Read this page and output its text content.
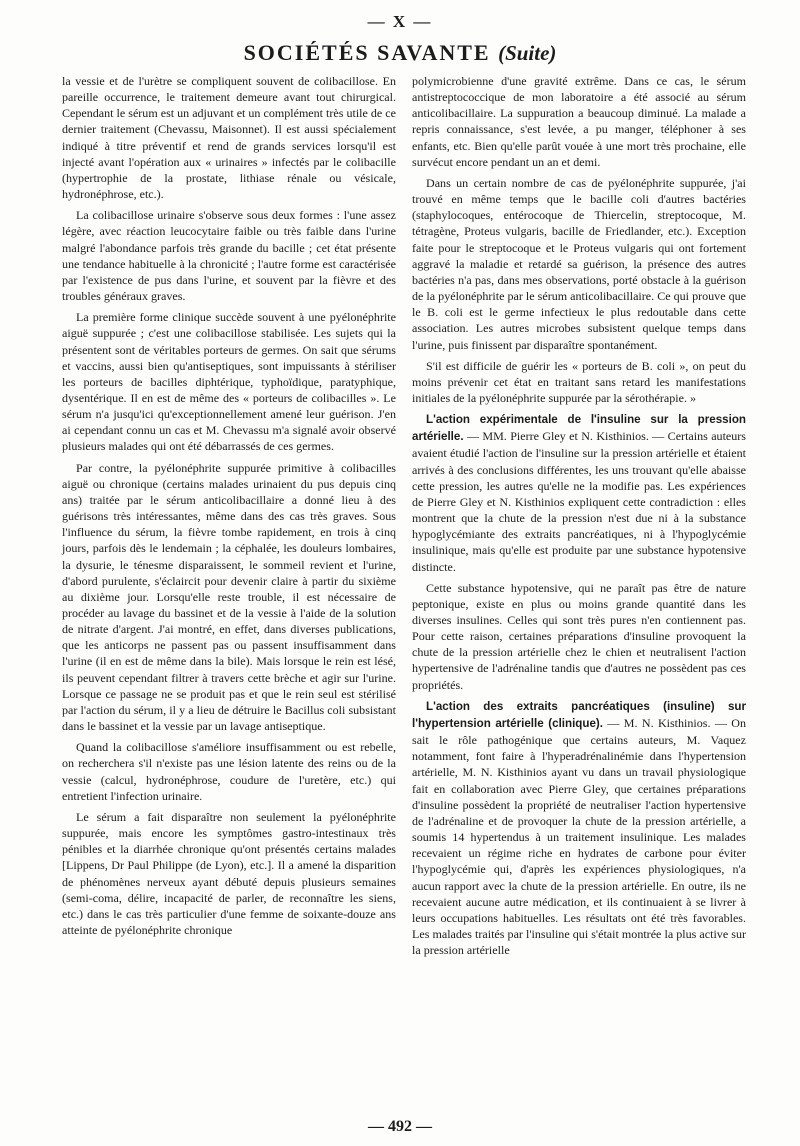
— X —
SOCIÉTÉS SAVANTE (Suite)

la vessie et de l'urètre se compliquent souvent de colibacillose. En pareille occurrence, le traitement demeure avant tout chirurgical. Cependant le sérum est un adjuvant et un complément très utile de ce dernier traitement (Chevassu, Maisonnet). Il est aussi spécialement indiqué à titre préventif et rend de grands services lorsqu'il est injecté avant l'opération aux « urinaires » infectés par le colibacille (hypertrophie de la prostate, lithiase rénale ou vésicale, hydronéphrose, etc.).

La colibacillose urinaire s'observe sous deux formes : l'une assez légère, avec réaction leucocytaire faible ou très faible dans l'urine malgré l'abondance parfois très grande du bacille ; cet état présente une tendance habituelle à la chronicité ; l'autre forme est caractérisée par l'existence de pus dans l'urine, et souvent par la fièvre et des troubles généraux graves.

La première forme clinique succède souvent à une pyélonéphrite aiguë suppurée ; c'est une colibacillose stabilisée. Les sujets qui la présentent sont de véritables porteurs de germes. On sait que sérums et vaccins, aussi bien qu'antiseptiques, sont impuissants à stériliser les porteurs de bacilles diphtérique, typhoïdique, paratyphique, dysentérique. Il en est de même des « porteurs de colibacilles ». Le sérum n'a jusqu'ici qu'exceptionnellement amené leur guérison. J'en ai cependant connu un cas et M. Chevassu m'a signalé avoir observé plusieurs malades qui ont été débarrassés de ces germes.

Par contre, la pyélonéphrite suppurée primitive à colibacilles aiguë ou chronique (certains malades urinaient du pus depuis cinq ans) traitée par le sérum anticolibacillaire a donné lieu à des guérisons très intéressantes, même dans des cas très graves. Sous l'influence du sérum, la fièvre tombe rapidement, en trois à cinq jours, parfois dès le lendemain ; la céphalée, les douleurs lombaires, la dysurie, le ténesme disparaissent, le sommeil revient et l'urine, d'abord purulente, s'éclaircit pour devenir claire à partir du sixième au dixième jour. Lorsqu'elle reste trouble, il est nécessaire de procéder au lavage du bassinet et de la vessie à l'aide de la solution de nitrate d'argent. J'ai montré, en effet, dans diverses publications, que les anticorps ne passent pas ou passent insuffisamment dans l'urine (il en est de même dans la bile). Mais lorsque le rein est lésé, ils peuvent cependant filtrer à travers cette brèche et agir sur l'urine. Lorsque ce passage ne se produit pas et que le rein seul est stérilisé par l'action du sérum, il y a lieu de détruire le Bacillus coli subsistant dans le bassinet et la vessie par un lavage antiseptique.

Quand la colibacillose s'améliore insuffisamment ou est rebelle, on recherchera s'il n'existe pas une lésion latente des reins ou de la vessie (calcul, hydronéphrose, coudure de l'uretère, etc.) qui entretient l'infection urinaire.

Le sérum a fait disparaître non seulement la pyélonéphrite suppurée, mais encore les symptômes gastro-intestinaux très pénibles et la diarrhée chronique qu'ont présentés certains malades [Lippens, Dr Paul Philippe (de Lyon), etc.]. Il a amené la disparition de phénomènes nerveux ayant débuté depuis plusieurs semaines (semi-coma, délire, incapacité de parler, de reconnaître les siens, etc.) dans le cas très particulier d'une femme de soixante-douze ans atteinte de pyélonéphrite chronique

polymicrobienne d'une gravité extrême. Dans ce cas, le sérum antistreptococcique de mon laboratoire a été associé au sérum anticolibacillaire. La suppuration a beaucoup diminué. La malade a repris connaissance, s'est levée, a pu manger, téléphoner à ses enfants, etc. Bien qu'elle parût vouée à une mort très prochaine, elle survécut encore pendant un an et demi.

Dans un certain nombre de cas de pyélonéphrite suppurée, j'ai trouvé en même temps que le bacille coli d'autres bactéries (staphylocoques, entérocoque de Thiercelin, streptocoque, M. tétragène, Proteus vulgaris, bacille de Friedlander, etc.). Exception faite pour le streptocoque et le Proteus vulgaris qui ont fortement aggravé la maladie et retardé sa guérison, la présence des autres bactéries n'a pas, dans mes observations, porté obstacle à la guérison de la pyélonéphrite par le sérum anticolibacillaire. Ce qui prouve que le B. coli est le germe infectieux le plus redoutable dans cette association. Les autres microbes subsistent quelque temps dans l'urine, puis finissent par disparaître spontanément.

S'il est difficile de guérir les « porteurs de B. coli », on peut du moins prévenir cet état en traitant sans retard les manifestations initiales de la pyélonéphrite suppurée par la sérothérapie. »

L'action expérimentale de l'insuline sur la pression artérielle. — MM. Pierre Gley et N. Kisthinios. — Certains auteurs avaient étudié l'action de l'insuline sur la pression artérielle et étaient arrivés à des conclusions différentes, les uns trouvant qu'elle abaisse cette pression, les autres qu'elle ne la modifie pas. Les expériences de Pierre Gley et N. Kisthinios expliquent cette contradiction : elles montrent que la chute de la pression n'est due ni à la substance hypoglycémiante des extraits pancréatiques, ni à l'hypoglycémie insulinique, mais qu'elle est produite par une substance hypotensive distincte.

Cette substance hypotensive, qui ne paraît pas être de nature peptonique, existe en plus ou moins grande quantité dans les diverses insulines. Celles qui sont très pures n'en contiennent pas. Pour cette raison, certaines préparations d'insuline provoquent la chute de la pression artérielle chez le chien et neutralisent l'action hypertensive de l'adrénaline tandis que d'autres ne possèdent pas ces propriétés.

L'action des extraits pancréatiques (insuline) sur l'hypertension artérielle (clinique). — M. N. Kisthinios. — On sait le rôle pathogénique que certains auteurs, M. Vaquez notamment, font faire à l'hyperadrénalinémie dans l'hypertension artérielle, M. N. Kisthinios ayant vu dans un travail physiologique fait en collaboration avec Pierre Gley, que certaines préparations d'insuline possèdent la propriété de neutraliser l'action hypertensive de l'adrénaline et de provoquer la chute de la pression artérielle, a soumis 14 hypertendus à un traitement insulinique. Les malades recevaient un régime riche en hydrates de carbone pour éviter l'hypoglycémie qui, d'après les expériences physiologiques, n'a aucun rapport avec la chute de la pression artérielle. En outre, ils ne recevaient aucune autre médication, et ils continuaient à se livrer à leurs occupations habituelles. Les résultats ont été très favorables. Les malades traités par l'insuline qui s'était montrée la plus active sur la pression artérielle

— 492 —
